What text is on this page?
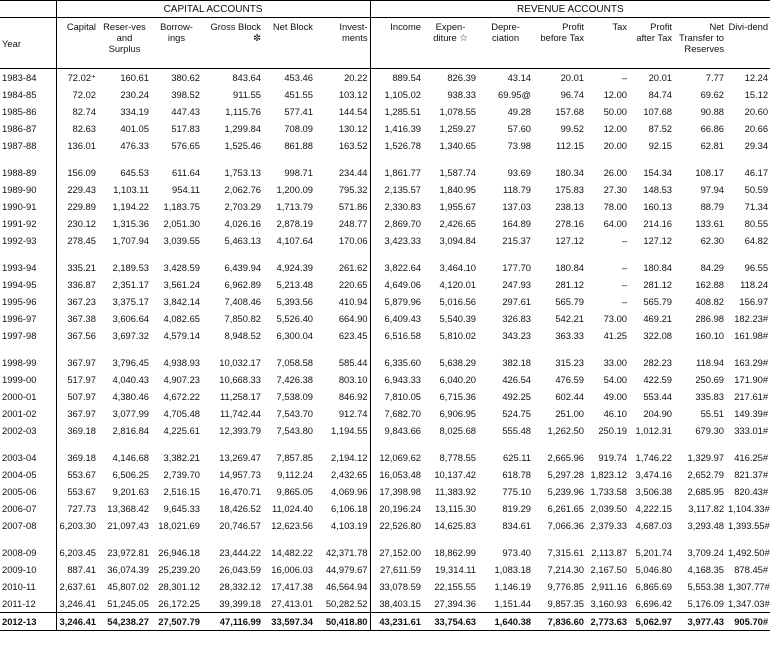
	CAPITAL ACCOUNTS						REVENUE ACCOUNTS							
Year	Capital	Reser-ves and Surplus	Borrow-ings	Gross Block ✼	Net Block	Invest-ments	Income	Expen-diture ☆	Depre-ciation	Profit before Tax	Tax	Profit after Tax	Net Transfer to Reserves	Divi-dend
1983-84	72.02⁺	160.61	380.62	843.64	453.46	20.22	889.54	826.39	43.14	20.01	–	20.01	7.77	12.24
1984-85	72.02	230.24	398.52	911.55	451.55	103.12	1,105.02	938.33	69.95@	96.74	12.00	84.74	69.62	15.12
1985-86	82.74	334.19	447.43	1,115.76	577.41	144.54	1,285.51	1,078.55	49.28	157.68	50.00	107.68	90.88	20.60
1986-87	82.63	401.05	517.83	1,299.84	708.09	130.12	1,416.39	1,259.27	57.60	99.52	12.00	87.52	66.86	20.66
1987-88	136.01	476.33	576.65	1,525.46	861.88	163.52	1,526.78	1,340.65	73.98	112.15	20.00	92.15	62.81	29.34

1988-89	156.09	645.53	611.64	1,753.13	998.71	234.44	1,861.77	1,587.74	93.69	180.34	26.00	154.34	108.17	46.17
1989-90	229.43	1,103.11	954.11	2,062.76	1,200.09	795.32	2,135.57	1,840.95	118.79	175.83	27.30	148.53	97.94	50.59
1990-91	229.89	1,194.22	1,183.75	2,703.29	1,713.79	571.86	2,330.83	1,955.67	137.03	238.13	78.00	160.13	88.79	71.34
1991-92	230.12	1,315.36	2,051.30	4,026.16	2,878.19	248.77	2,869.70	2,426.65	164.89	278.16	64.00	214.16	133.61	80.55
1992-93	278.45	1,707.94	3,039.55	5,463.13	4,107.64	170.06	3,423.33	3,094.84	215.37	127.12	–	127.12	62.30	64.82

1993-94	335.21	2,189.53	3,428.59	6,439.94	4,924.39	261.62	3,822.64	3,464.10	177.70	180.84	–	180.84	84.29	96.55
1994-95	336.87	2,351.17	3,561.24	6,962.89	5,213.48	220.65	4,649.06	4,120.01	247.93	281.12	–	281.12	162.88	118.24
1995-96	367.23	3,375.17	3,842.14	7,408.46	5,393.56	410.94	5,879.96	5,016.56	297.61	565.79	–	565.79	408.82	156.97
1996-97	367.38	3,606.64	4,082.65	7,850.82	5,526.40	664.90	6,409.43	5,540.39	326.83	542.21	73.00	469.21	286.98	182.23#
1997-98	367.56	3,697.32	4,579.14	8,948.52	6,300.04	623.45	6,516.58	5,810.02	343.23	363.33	41.25	322.08	160.10	161.98#

1998-99	367.97	3,796.45	4,938.93	10,032.17	7,058.58	585.44	6,335.60	5,638.29	382.18	315.23	33.00	282.23	118.94	163.29#
1999-00	517.97	4,040.43	4,907.23	10,668.33	7,426.38	803.10	6,943.33	6,040.20	426.54	476.59	54.00	422.59	250.69	171.90#
2000-01	507.97	4,380.46	4,672.22	11,258.17	7,538.09	846.92	7,810.05	6,715.36	492.25	602.44	49.00	553.44	335.83	217.61#
2001-02	367.97	3,077.99	4,705.48	11,742.44	7,543.70	912.74	7,682.70	6,906.95	524.75	251.00	46.10	204.90	55.51	149.39#
2002-03	369.18	2,816.84	4,225.61	12,393.79	7,543.80	1,194.55	9,843.66	8,025.68	555.48	1,262.50	250.19	1,012.31	679.30	333.01#

2003-04	369.18	4,146.68	3,382.21	13,269.47	7,857.85	2,194.12	12,069.62	8,778.55	625.11	2,665.96	919.74	1,746.22	1,329.97	416.25#
2004-05	553.67	6,506.25	2,739.70	14,957.73	9,112.24	2,432.65	16,053.48	10,137.42	618.78	5,297.28	1,823.12	3,474.16	2,652.79	821.37#
2005-06	553.67	9,201.63	2,516.15	16,470.71	9,865.05	4,069.96	17,398.98	11,383.92	775.10	5,239.96	1,733.58	3,506.38	2,685.95	820.43#
2006-07	727.73	13,368.42	9,645.33	18,426.52	11,024.40	6,106.18	20,196.24	13,115.30	819.29	6,261.65	2,039.50	4,222.15	3,117.82	1,104.33#
2007-08	6,203.30	21,097.43	18,021.69	20,746.57	12,623.56	4,103.19	22,526.80	14,625.83	834.61	7,066.36	2,379.33	4,687.03	3,293.48	1,393.55#

2008-09	6,203.45	23,972.81	26,946.18	23,444.22	14,482.22	42,371.78	27,152.00	18,862.99	973.40	7,315.61	2,113.87	5,201.74	3,709.24	1,492.50#
2009-10	887.41	36,074.39	25,239.20	26,043.59	16,006.03	44,979.67	27,611.59	19,314.11	1,083.18	7,214.30	2,167.50	5,046.80	4,168.35	878.45#
2010-11	2,637.61	45,807.02	28,301.12	28,332.12	17,417.38	46,564.94	33,078.59	22,155.55	1,146.19	9,776.85	2,911.16	6,865.69	5,553.38	1,307.77#
2011-12	3,246.41	51,245.05	26,172.25	39,399.18	27,413.01	50,282.52	38,403.15	27,394.36	1,151.44	9,857.35	3,160.93	6,696.42	5,176.09	1,347.03#
2012-13	3,246.41	54,238.27	27,507.79	47,116.99	33,597.34	50,418.80	43,231.61	33,754.63	1,640.38	7,836.60	2,773.63	5,062.97	3,977.43	905.70#
